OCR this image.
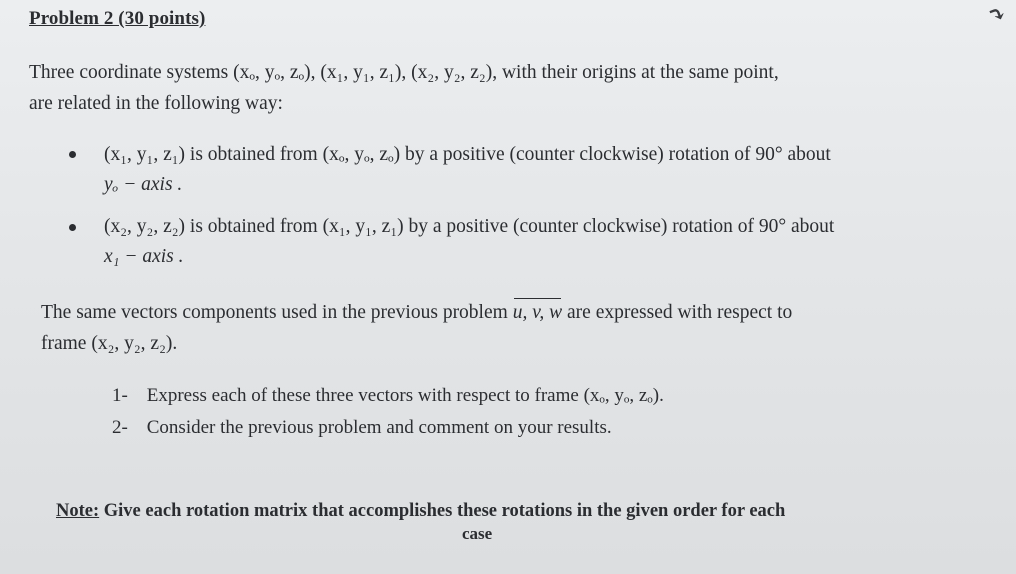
Problem 2 (30 points)	⤵
Three coordinate systems (xₒ, yₒ, zₒ), (x₁, y₁, z₁), (x₂, y₂, z₂), with their origins at the same point,
are related in the following way:
(x₁, y₁, z₁) is obtained from (xₒ, yₒ, zₒ) by a positive (counter clockwise) rotation of 90° about
yₒ − axis .
(x₂, y₂, z₂) is obtained from (x₁, y₁, z₁) by a positive (counter clockwise) rotation of 90° about
x₁ − axis .
The same vectors components used in the previous problem u, v, w are expressed with respect to
frame (x₂, y₂, z₂).
1- Express each of these three vectors with respect to frame (xₒ, yₒ, zₒ).
2- Consider the previous problem and comment on your results.
Note: Give each rotation matrix that accomplishes these rotations in the given order for each
case
